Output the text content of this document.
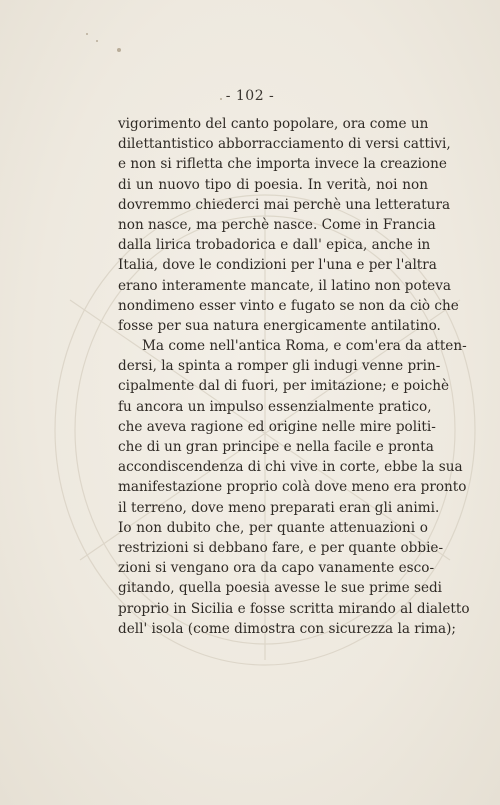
- 102 -
vigorimento del canto popolare, ora come un
dilettantistico abborracciamento di versi cattivi,
e non si rifletta che importa invece la creazione
di un nuovo tipo di poesia. In verità, noi non
dovremmo chiederci mai perchè una letteratura
non nasce, ma perchè nasce. Come in Francia
dalla lirica trobadorica e dall' epica, anche in
Italia, dove le condizioni per l'una e per l'altra
erano interamente mancate, il latino non poteva
nondimeno esser vinto e fugato se non da ciò che
fosse per sua natura energicamente antilatino.
Ma come nell'antica Roma, e com'era da atten-
dersi, la spinta a romper gli indugi venne prin-
cipalmente dal di fuori, per imitazione; e poichè
fu ancora un impulso essenzialmente pratico,
che aveva ragione ed origine nelle mire politi-
che di un gran principe e nella facile e pronta
accondiscendenza di chi vive in corte, ebbe la sua
manifestazione proprio colà dove meno era pronto
il terreno, dove meno preparati eran gli animi.
Io non dubito che, per quante attenuazioni o
restrizioni si debbano fare, e per quante obbie-
zioni si vengano ora da capo vanamente esco-
gitando, quella poesia avesse le sue prime sedi
proprio in Sicilia e fosse scritta mirando al dialetto
dell' isola (come dimostra con sicurezza la rima);
